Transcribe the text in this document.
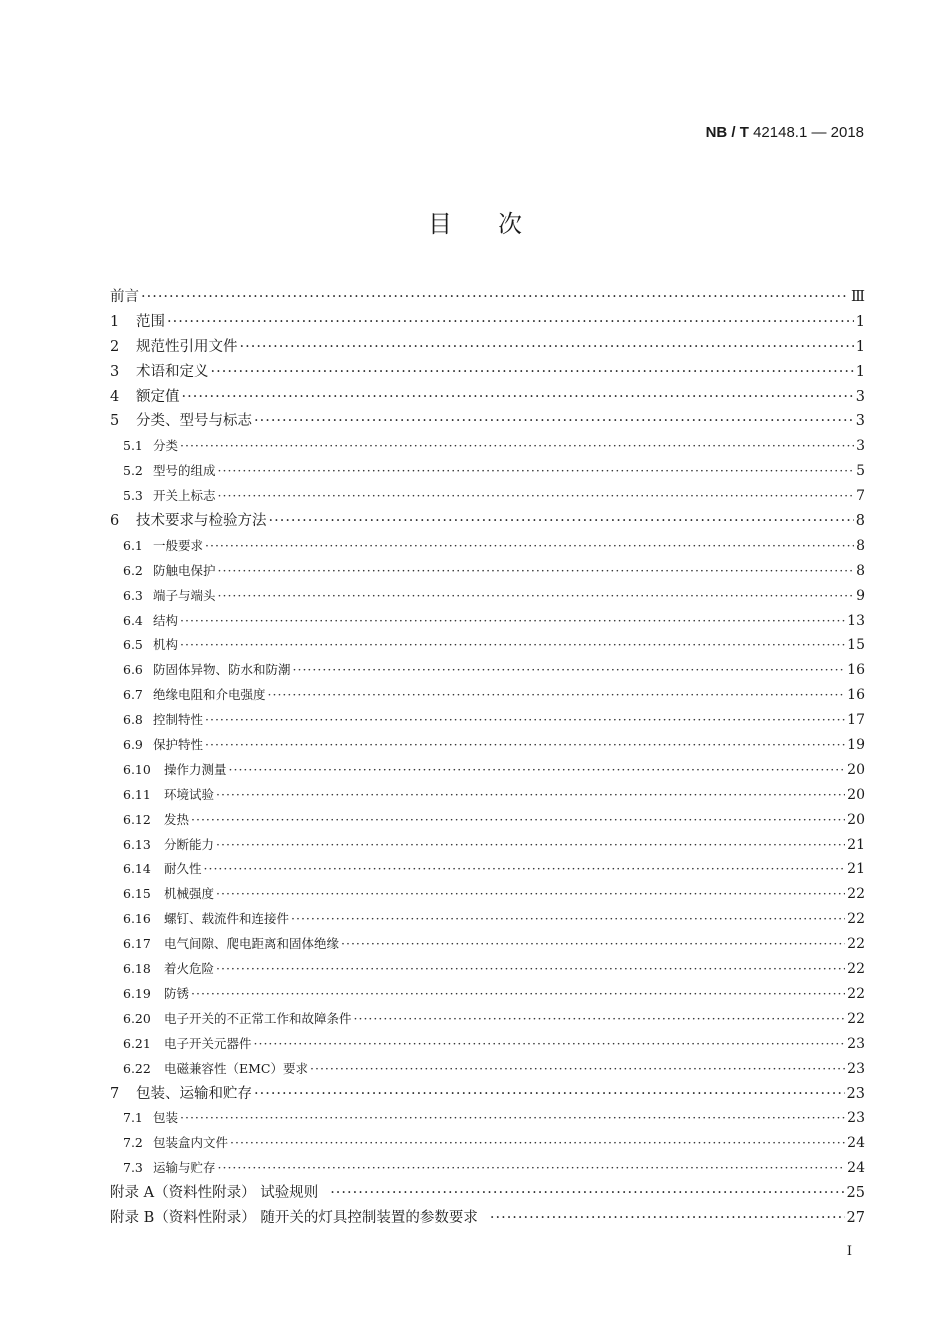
NB / T 42148.1 — 2018
目次
前言 ·····	Ⅲ
1	范围 ·····	1
2	规范性引用文件 ·····	1
3	术语和定义 ·····	1
4	额定值 ·····	3
5	分类、型号与标志 ·····	3
5.1 分类 ·····	3
5.2 型号的组成 ·····	5
5.3 开关上标志 ·····	7
6	技术要求与检验方法 ·····	8
6.1 一般要求 ·····	8
6.2 防触电保护 ·····	8
6.3 端子与端头 ·····	9
6.4 结构 ·····	13
6.5 机构 ·····	15
6.6 防固体异物、防水和防潮 ·····	16
6.7 绝缘电阻和介电强度 ·····	16
6.8 控制特性 ·····	17
6.9 保护特性 ·····	19
6.10	操作力测量 ·····	20
6.11	环境试验 ·····	20
6.12	发热 ·····	20
6.13	分断能力 ·····	21
6.14	耐久性 ·····	21
6.15	机械强度 ·····	22
6.16	螺钉、载流件和连接件 ·····	22
6.17	电气间隙、爬电距离和固体绝缘 ·····	22
6.18	着火危险 ·····	22
6.19	防锈 ·····	22
6.20	电子开关的不正常工作和故障条件 ·····	22
6.21	电子开关元器件 ·····	23
6.22	电磁兼容性（EMC）要求 ·····	23
7	包装、运输和贮存 ·····	23
7.1 包装 ·····	23
7.2 包装盒内文件 ·····	24
7.3 运输与贮存 ·····	24
附录 A（资料性附录） 试验规则 ·····	25
附录 B（资料性附录） 随开关的灯具控制装置的参数要求 ·····	27
I
